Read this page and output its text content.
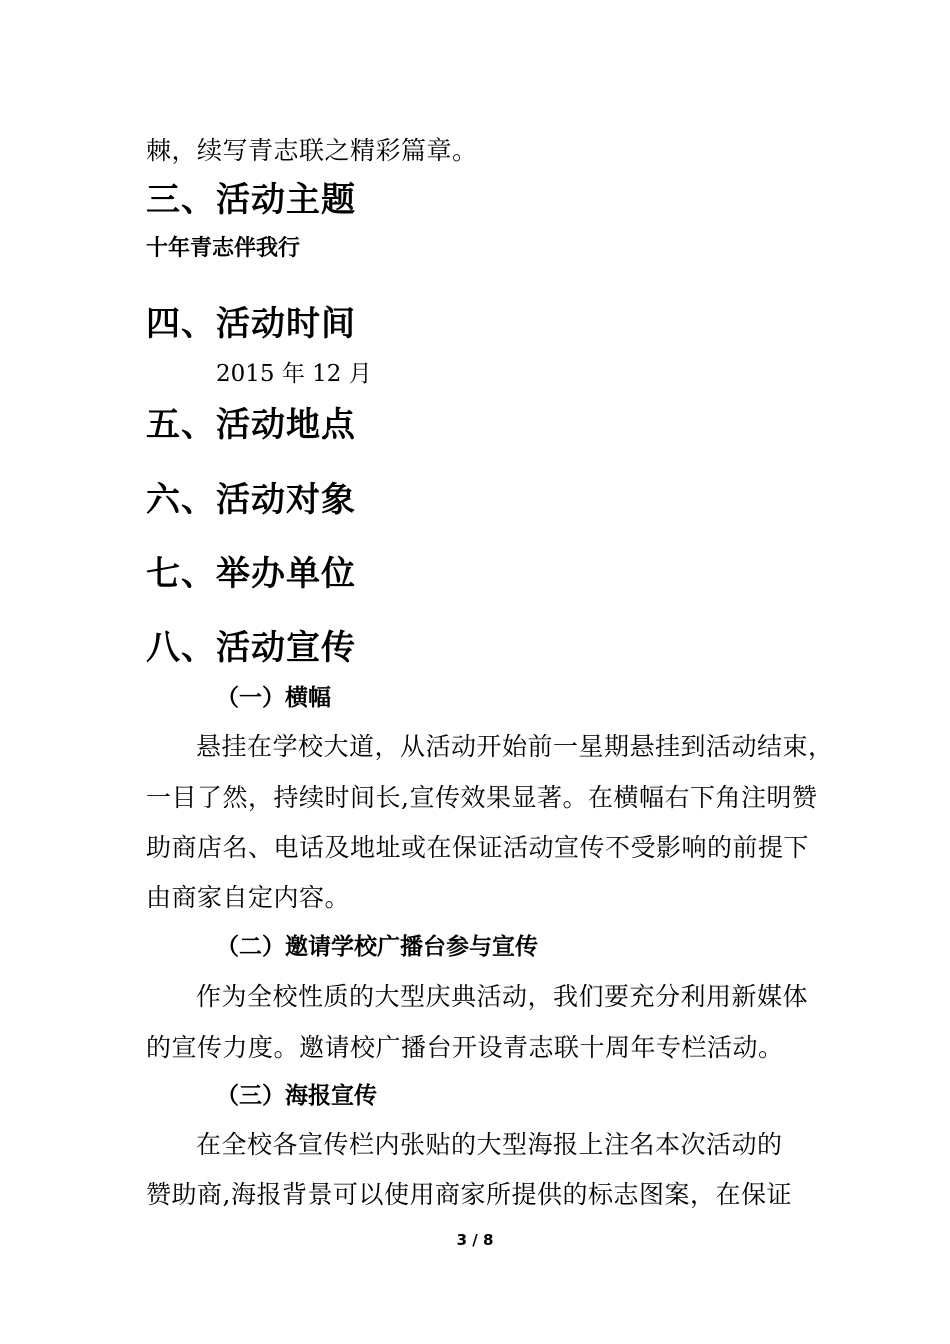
棘，续写青志联之精彩篇章。
三、活动主题
十年青志伴我行
四、活动时间
2015 年 12 月
五、活动地点
六、活动对象
七、举办单位
八、活动宣传
（一）横幅
悬挂在学校大道，从活动开始前一星期悬挂到活动结束，
一目了然，持续时间长,宣传效果显著。在横幅右下角注明赞
助商店名、电话及地址或在保证活动宣传不受影响的前提下
由商家自定内容。
（二）邀请学校广播台参与宣传
作为全校性质的大型庆典活动，我们要充分利用新媒体
的宣传力度。邀请校广播台开设青志联十周年专栏活动。
（三）海报宣传
在全校各宣传栏内张贴的大型海报上注名本次活动的
赞助商,海报背景可以使用商家所提供的标志图案，在保证
3 / 8
